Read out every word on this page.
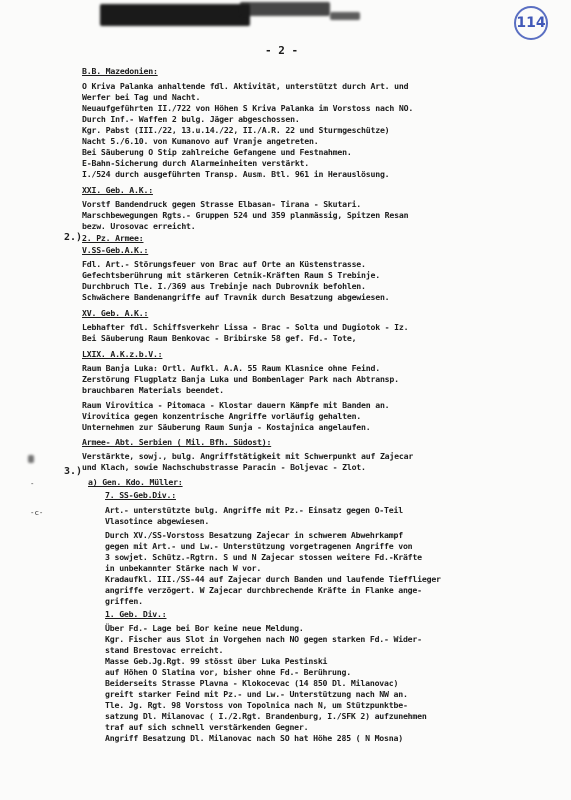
114
- 2 -
B.B. Mazedonien:
O Kriva Palanka anhaltende fdl. Aktivität, unterstützt durch Art. und
Werfer bei Tag und Nacht.
Neuaufgeführten II./722 von Höhen S Kriva Palanka im Vorstoss nach NO.
Durch Inf.- Waffen 2 bulg. Jäger abgeschossen.
Kgr. Pabst (III./22, 13.u.14./22, II./A.R. 22 und Sturmgeschütze)
Nacht 5./6.10. von Kumanovo auf Vranje angetreten.
Bei Säuberung O Stip zahlreiche Gefangene und Festnahmen.
E-Bahn-Sicherung durch Alarmeinheiten verstärkt.
I./524 durch ausgeführten Transp. Ausm. Btl. 961 in Herauslösung.
XXI. Geb. A.K.:
Vorstf Bandendruck gegen Strasse Elbasan- Tirana - Skutari.
Marschbewegungen Rgts.- Gruppen 524 und 359 planmässig, Spitzen Resan
bezw. Urosovac erreicht.
2. Pz. Armee:
V.SS-Geb.A.K.:
Fdl. Art.- Störungsfeuer von Brac auf Orte an Küstenstrasse.
Gefechtsberührung mit stärkeren Cetnik-Kräften Raum S Trebinje.
Durchbruch Tle. I./369 aus Trebinje nach Dubrovnik befohlen.
Schwächere Bandenangriffe auf Travnik durch Besatzung abgewiesen.
XV. Geb. A.K.:
Lebhafter fdl. Schiffsverkehr Lissa - Brac - Solta und Dugiotok - Iz.
Bei Säuberung Raum Benkovac - Bribirske 58 gef. Fd.- Tote,
LXIX. A.K.z.b.V.:
Raum Banja Luka: Ortl. Aufkl. A.A. 55 Raum Klasnice ohne Feind.
Zerstörung Flugplatz Banja Luka und Bombenlager Park nach Abtransp.
brauchbaren Materials beendet.
Raum Virovitica - Pitomaca - Klostar dauern Kämpfe mit Banden an.
Virovitica gegen konzentrische Angriffe vorläufig gehalten.
Unternehmen zur Säuberung Raum Sunja - Kostajnica angelaufen.
Armee- Abt. Serbien ( Mil. Bfh. Südost):
Verstärkte, sowj., bulg. Angriffstätigkeit mit Schwerpunkt auf Zajecar
und Klach, sowie Nachschubstrasse Paracin - Boljevac - Zlot.
a) Gen. Kdo. Müller:
7. SS-Geb.Div.:
Art.- unterstützte bulg. Angriffe mit Pz.- Einsatz gegen O-Teil
Vlasotince abgewiesen.
Durch XV./SS-Vorstoss Besatzung Zajecar in schwerem Abwehrkampf
gegen mit Art.- und Lw.- Unterstützung vorgetragenen Angriffe von
3 sowjet. Schütz.-Rgtrn. S und N Zajecar stossen weitere Fd.-Kräfte
in unbekannter Stärke nach W vor.
Kradaufkl. III./SS-44 auf Zajecar durch Banden und laufende Tiefflieger
angriffe verzögert. W Zajecar durchbrechende Kräfte in Flanke ange-
griffen.
1. Geb. Div.:
Über Fd.- Lage bei Bor keine neue Meldung.
Kgr. Fischer aus Slot in Vorgehen nach NO gegen starken Fd.- Wider-
stand Brestovac erreicht.
Masse Geb.Jg.Rgt. 99 stösst über Luka Pestinski
auf Höhen O Slatina vor, bisher ohne Fd.- Berührung.
Beiderseits Strasse Plavna - Klokocevac (14 850 Dl. Milanovac)
greift starker Feind mit Pz.- und Lw.- Unterstützung nach NW an.
Tle. Jg. Rgt. 98 Vorstoss von Topolnica nach N, um Stützpunktbe-
satzung Dl. Milanovac ( I./2.Rgt. Brandenburg, I./SFK 2) aufzunehmen
traf auf sich schnell verstärkenden Gegner.
Angriff Besatzung Dl. Milanovac nach SO hat Höhe 285 ( N Mosna)
2.)
3.)
-
-c-
